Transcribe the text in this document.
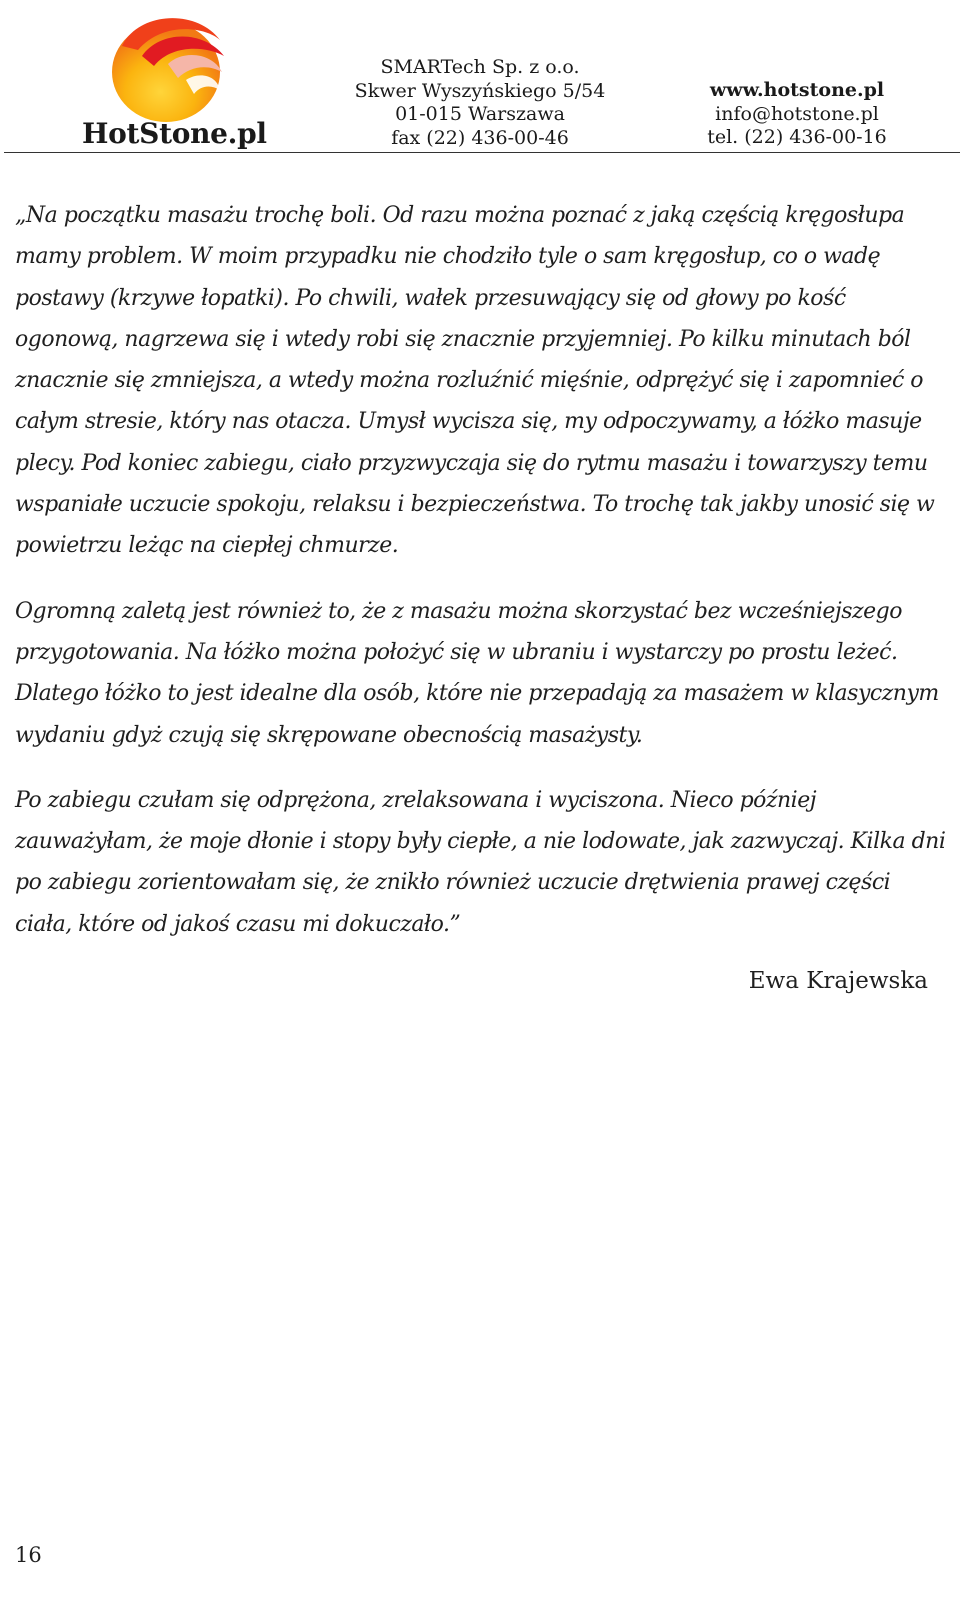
HotStone.pl
SMARTech Sp. z o.o.
Skwer Wyszyńskiego 5/54
01-015 Warszawa
fax (22) 436-00-46
www.hotstone.pl
info@hotstone.pl
tel. (22) 436-00-16

„Na początku masażu trochę boli. Od razu można poznać z jaką częścią kręgosłupa mamy problem. W moim przypadku nie chodziło tyle o sam kręgosłup, co o wadę postawy (krzywe łopatki). Po chwili, wałek przesuwający się od głowy po kość ogonową, nagrzewa się i wtedy robi się znacznie przyjemniej. Po kilku minutach ból znacznie się zmniejsza, a wtedy można rozluźnić mięśnie, odprężyć się i zapomnieć o całym stresie, który nas otacza. Umysł wycisza się, my odpoczywamy, a łóżko masuje plecy. Pod koniec zabiegu, ciało przyzwyczaja się do rytmu masażu i towarzyszy temu wspaniałe uczucie spokoju, relaksu i bezpieczeństwa. To trochę tak jakby unosić się w powietrzu leżąc na ciepłej chmurze.

Ogromną zaletą jest również to, że z masażu można skorzystać bez wcześniejszego przygotowania. Na łóżko można położyć się w ubraniu i wystarczy po prostu leżeć. Dlatego łóżko to jest idealne dla osób, które nie przepadają za masażem w klasycznym wydaniu gdyż czują się skrępowane obecnością masażysty.

Po zabiegu czułam się odprężona, zrelaksowana i wyciszona. Nieco później zauważyłam, że moje dłonie i stopy były ciepłe, a nie lodowate, jak zazwyczaj. Kilka dni po zabiegu zorientowałam się, że znikło również uczucie drętwienia prawej części ciała, które od jakoś czasu mi dokuczało.”

Ewa Krajewska
16
